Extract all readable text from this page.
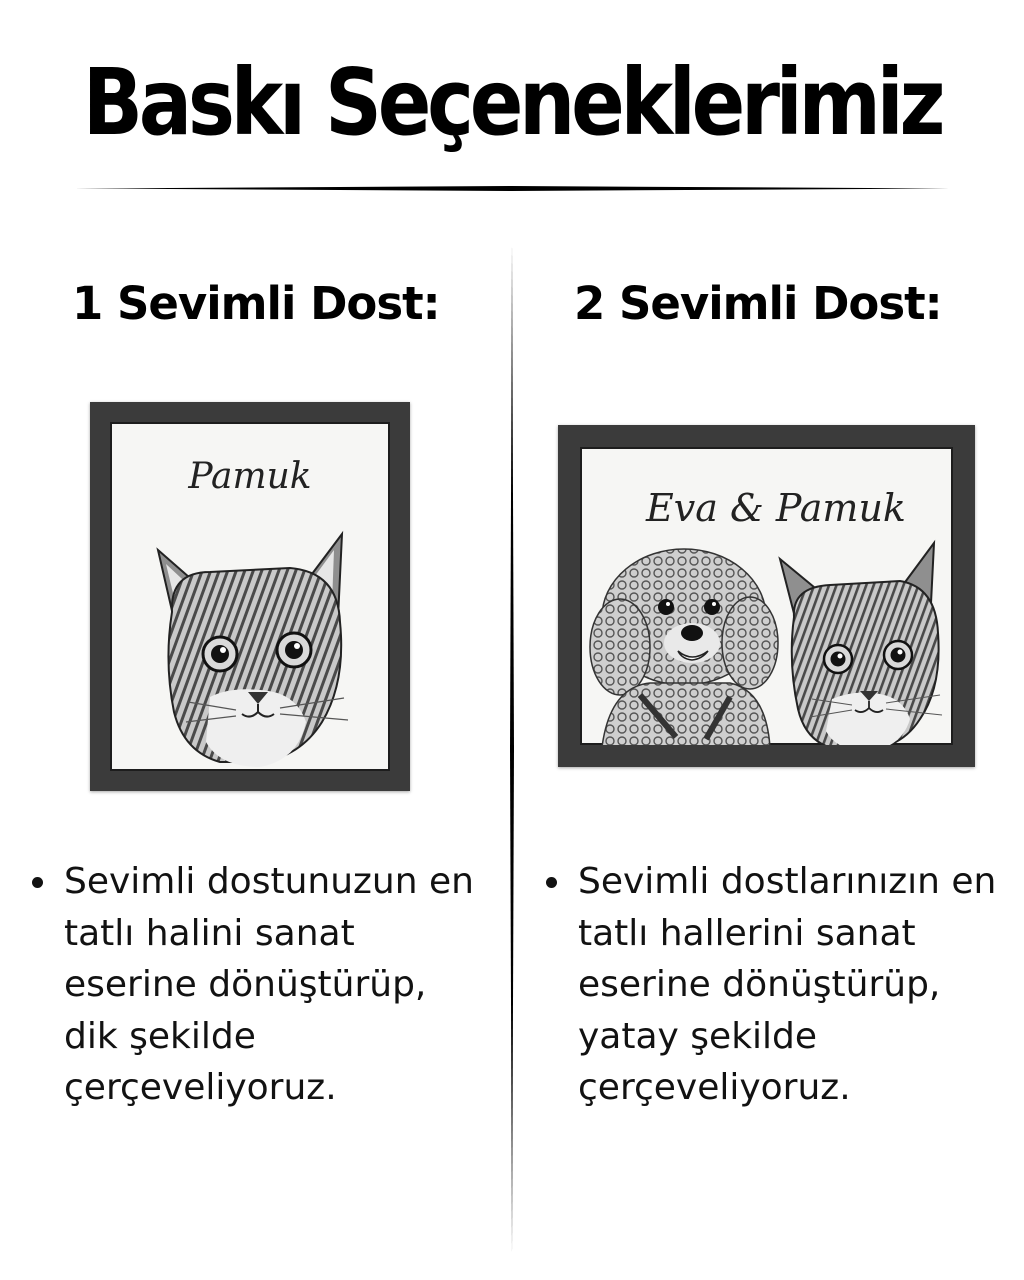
Baskı Seçeneklerimiz
1 Sevimli Dost:
Pamuk
Sevimli dostunuzun en
tatlı halini sanat
eserine dönüştürüp,
dik şekilde
çerçeveliyoruz.
2 Sevimli Dost:
Eva & Pamuk
Sevimli dostlarınızın en
tatlı hallerini sanat
eserine dönüştürüp,
yatay şekilde
çerçeveliyoruz.
